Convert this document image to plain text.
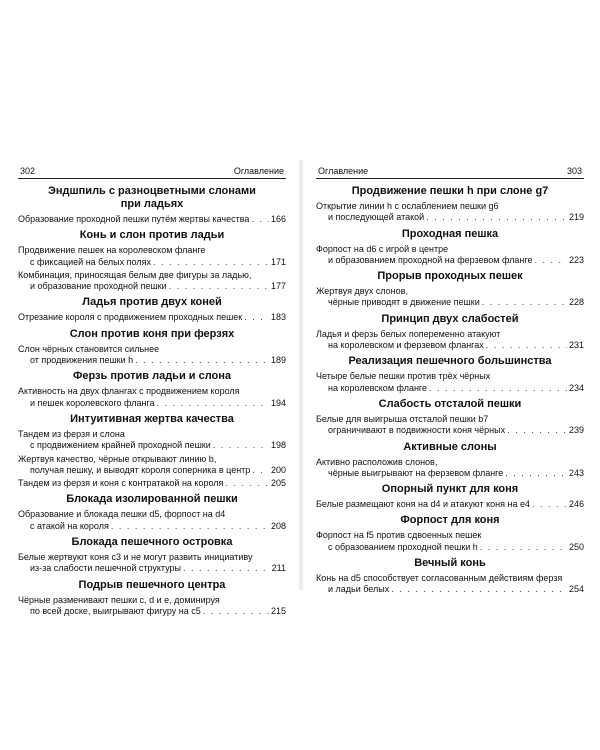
302	Оглавление
Эндшпиль с разноцветными слонами
при ладьях
Образование проходной пешки путём жертвы качества . . . 166
Конь и слон против ладьи
Продвижение пешек на королевском фланге
с фиксацией на белых полях . . .	171
Комбинация, приносящая белым две фигуры за ладью,
и образование проходной пешки . . .	177
Ладья против двух коней
Отрезание короля с продвижением проходных пешек . . .	183
Слон против коня при ферзях
Слон чёрных становится сильнее
от продвижения пешки h . . .	189
Ферзь против ладьи и слона
Активность на двух флангах с продвижением короля
и пешек королевского фланга . . .	194
Интуитивная жертва качества
Тандем из ферзя и слона
с продвижением крайней проходной пешки . . .	198
Жертвуя качество, чёрные открывают линию b,
получая пешку, и выводят короля соперника в центр . . . 200
Тандем из ферзя и коня с контратакой на короля . . .	205
Блокада изолированной пешки
Образование и блокада пешки d5, форпост на d4
с атакой на короля . . .	208
Блокада пешечного островка
Белые жертвуют коня c3 и не могут развить инициативу
из-за слабости пешечной структуры . . .	211
Подрыв пешечного центра
Чёрные разменивают пешки c, d и e, доминируя
по всей доске, выигрывают фигуру на c5 . . .	215
Оглавление	303
Продвижение пешки h при слоне g7
Открытие линии h с ослаблением пешки g6
и последующей атакой . . .	219
Проходная пешка
Форпост на d6 с игрой в центре
и образованием проходной на ферзевом фланге . . .	223
Прорыв проходных пешек
Жертвуя двух слонов,
чёрные приводят в движение пешки . . .	228
Принцип двух слабостей
Ладья и ферзь белых попеременно атакуют
на королевском и ферзевом флангах . . .	231
Реализация пешечного большинства
Четыре белые пешки против трёх чёрных
на королевском фланге . . .	234
Слабость отсталой пешки
Белые для выигрыша отсталой пешки b7
ограничивают в подвижности коня чёрных . . .	239
Активные слоны
Активно расположив слонов,
чёрные выигрывают на ферзевом фланге . . .	243
Опорный пункт для коня
Белые размещают коня на d4 и атакуют коня на e4 . . .	246
Форпост для коня
Форпост на f5 против сдвоенных пешек
с образованием проходной пешки h . . .	250
Вечный конь
Конь на d5 способствует согласованным действиям ферзя
и ладьи белых . . .	254
